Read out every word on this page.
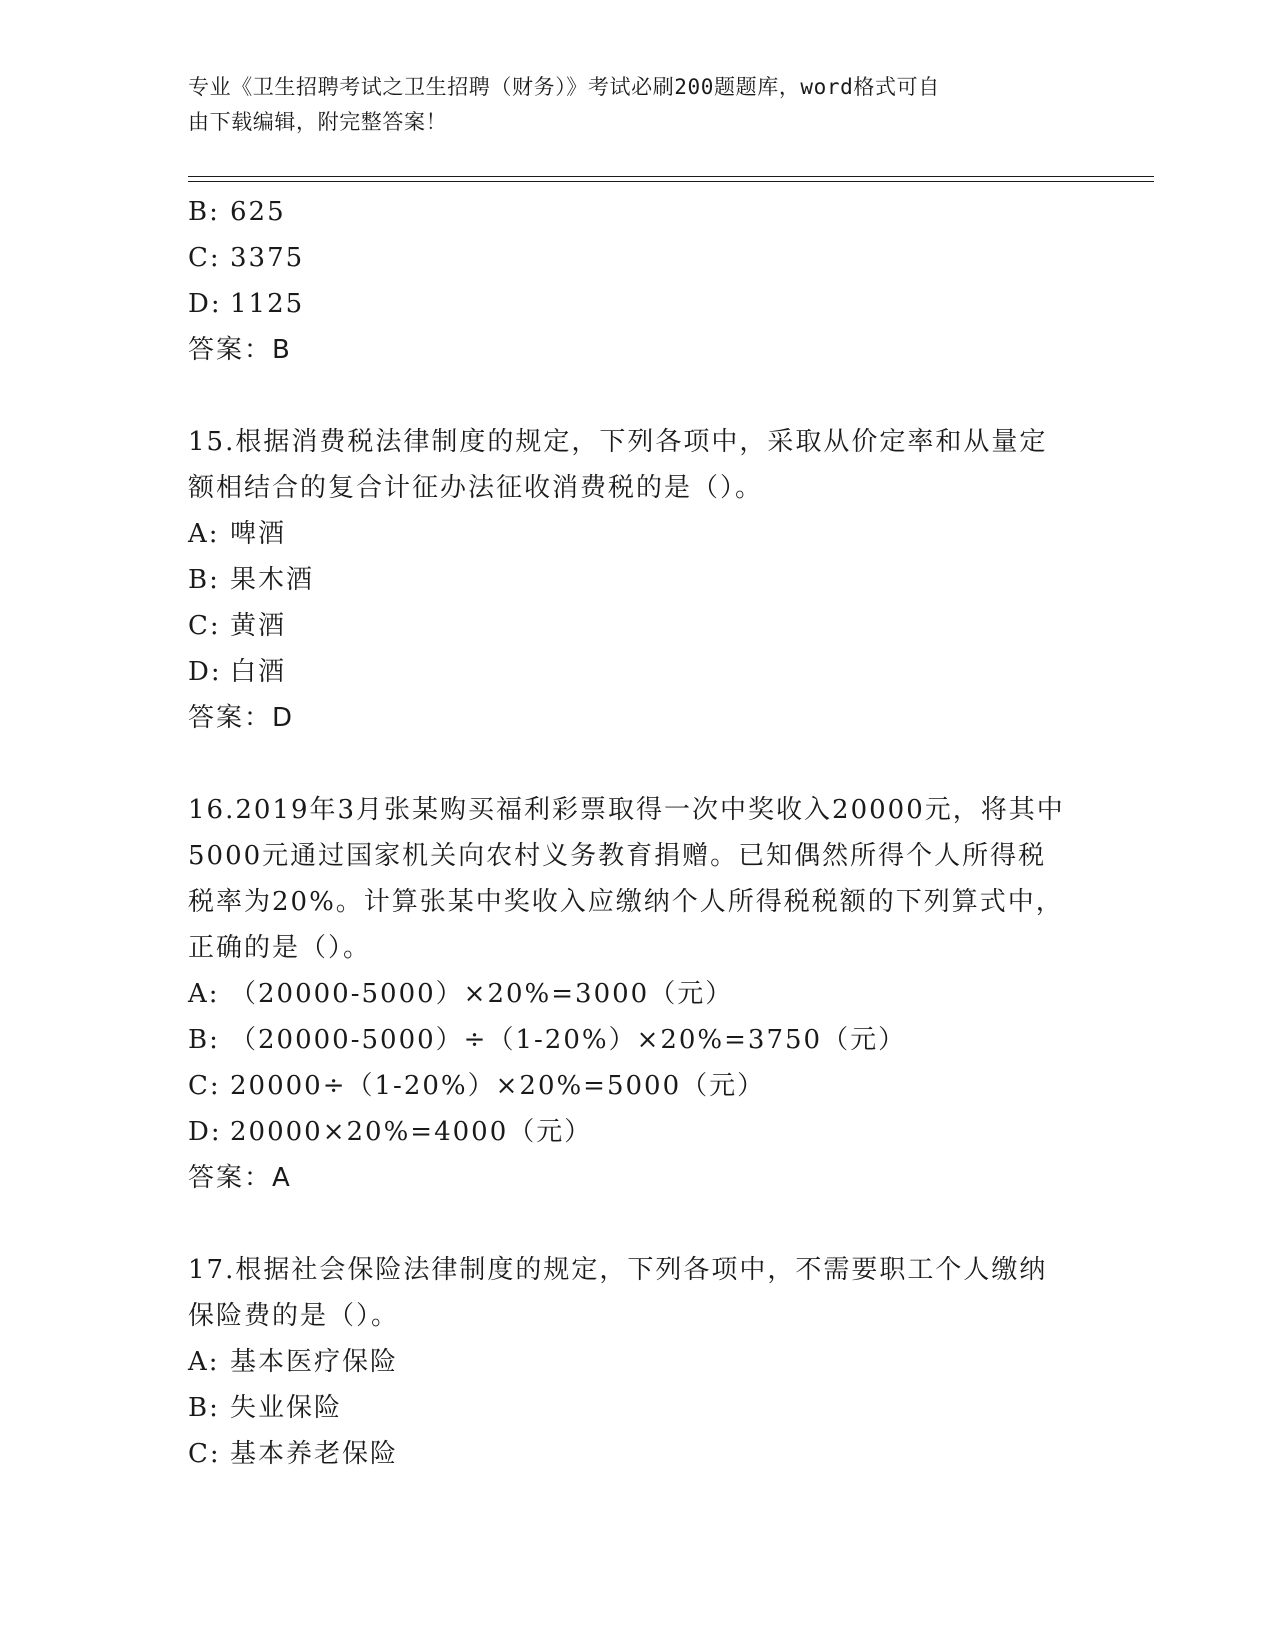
专业《卫生招聘考试之卫生招聘（财务）》考试必刷200题题库，word格式可自
由下载编辑，附完整答案！
B: 625
C: 3375
D: 1125
答案：B
15.根据消费税法律制度的规定，下列各项中，采取从价定率和从量定
额相结合的复合计征办法征收消费税的是（）。
A: 啤酒
B: 果木酒
C: 黄酒
D: 白酒
答案：D
16.2019年3月张某购买福利彩票取得一次中奖收入20000元，将其中
5000元通过国家机关向农村义务教育捐赠。已知偶然所得个人所得税
税率为20%。计算张某中奖收入应缴纳个人所得税税额的下列算式中，
正确的是（）。
A: （20000-5000）×20%=3000（元）
B: （20000-5000）÷（1-20%）×20%=3750（元）
C: 20000÷（1-20%）×20%=5000（元）
D: 20000×20%=4000（元）
答案：A
17.根据社会保险法律制度的规定，下列各项中，不需要职工个人缴纳
保险费的是（）。
A: 基本医疗保险
B: 失业保险
C: 基本养老保险
